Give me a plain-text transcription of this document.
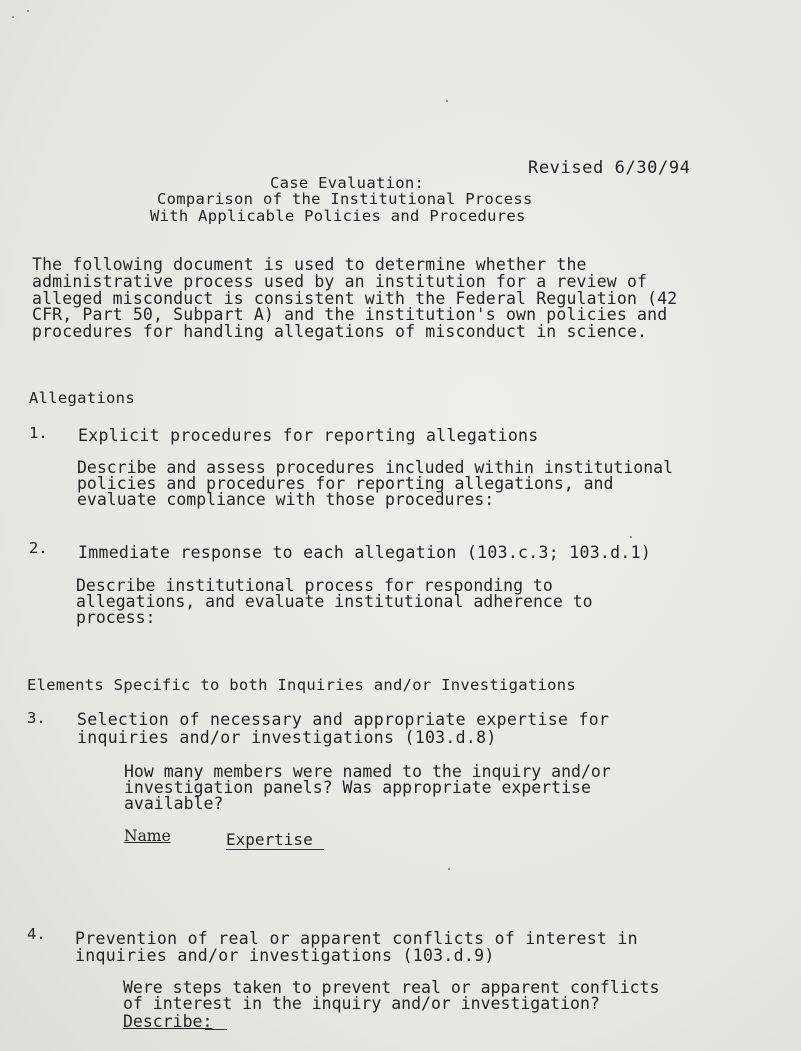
Revised 6/30/94
Case Evaluation:
Comparison of the Institutional Process
With Applicable Policies and Procedures
The following document is used to determine whether the administrative process used by an institution for a review of alleged misconduct is consistent with the Federal Regulation (42 CFR, Part 50, Subpart A) and the institution's own policies and procedures for handling allegations of misconduct in science.
Allegations
1. Explicit procedures for reporting allegations
Describe and assess procedures included within institutional policies and procedures for reporting allegations, and evaluate compliance with those procedures:
2. Immediate response to each allegation (103.c.3; 103.d.1)
Describe institutional process for responding to allegations, and evaluate institutional adherence to process:
Elements Specific to both Inquiries and/or Investigations
3. Selection of necessary and appropriate expertise for
inquiries and/or investigations (103.d.8)
How many members were named to the inquiry and/or investigation panels? Was appropriate expertise available?
Name	Expertise
4. Prevention of real or apparent conflicts of interest in
inquiries and/or investigations (103.d.9)
Were steps taken to prevent real or apparent conflicts of interest in the inquiry and/or investigation?
Describe:
